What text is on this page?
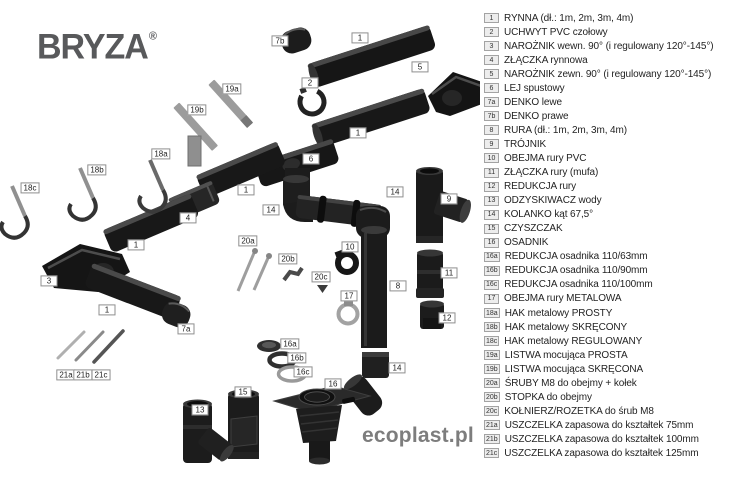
BRYZA®	7b	1
2
5
19a
19b
1
18a
6
18b
18c	1	14
9
14
4
20a
1	10
20b
11
20c
3
8
17
1
12
7a
16a
16b
16c	14
21a 21b 21c
16
15
13
ecoplast.pl
1	RYNNA (dł.: 1m, 2m, 3m, 4m)
2	UCHWYT PVC czołowy
3	NAROŻNIK wewn. 90° (i regulowany 120°-145°)
4	ZŁĄCZKA rynnowa
5	NAROŻNIK zewn. 90° (i regulowany 120°-145°)
6	LEJ spustowy
7a DENKO lewe
7b DENKO prawe
8	RURA (dł.: 1m, 2m, 3m, 4m)
9	TRÓJNIK
10 OBEJMA rury PVC
11 ZŁĄCZKA rury (mufa)
12 REDUKCJA rury
13 ODZYSKIWACZ wody
14 KOLANKO kąt 67,5°
15 CZYSZCZAK
16 OSADNIK
16a REDUKCJA osadnika 110/63mm
16b REDUKCJA osadnika 110/90mm
16c REDUKCJA osadnika 110/100mm
17 OBEJMA rury METALOWA
18a HAK metalowy PROSTY
18b HAK metalowy SKRĘCONY
18c HAK metalowy REGULOWANY
19a LISTWA mocująca PROSTA
19b LISTWA mocująca SKRĘCONA
20a ŚRUBY M8 do obejmy + kołek
20b STOPKA do obejmy
20c KOŁNIERZ/ROZETKA do śrub M8
21a USZCZELKA zapasowa do kształtek 75mm
21b USZCZELKA zapasowa do kształtek 100mm
21c USZCZELKA zapasowa do kształtek 125mm
